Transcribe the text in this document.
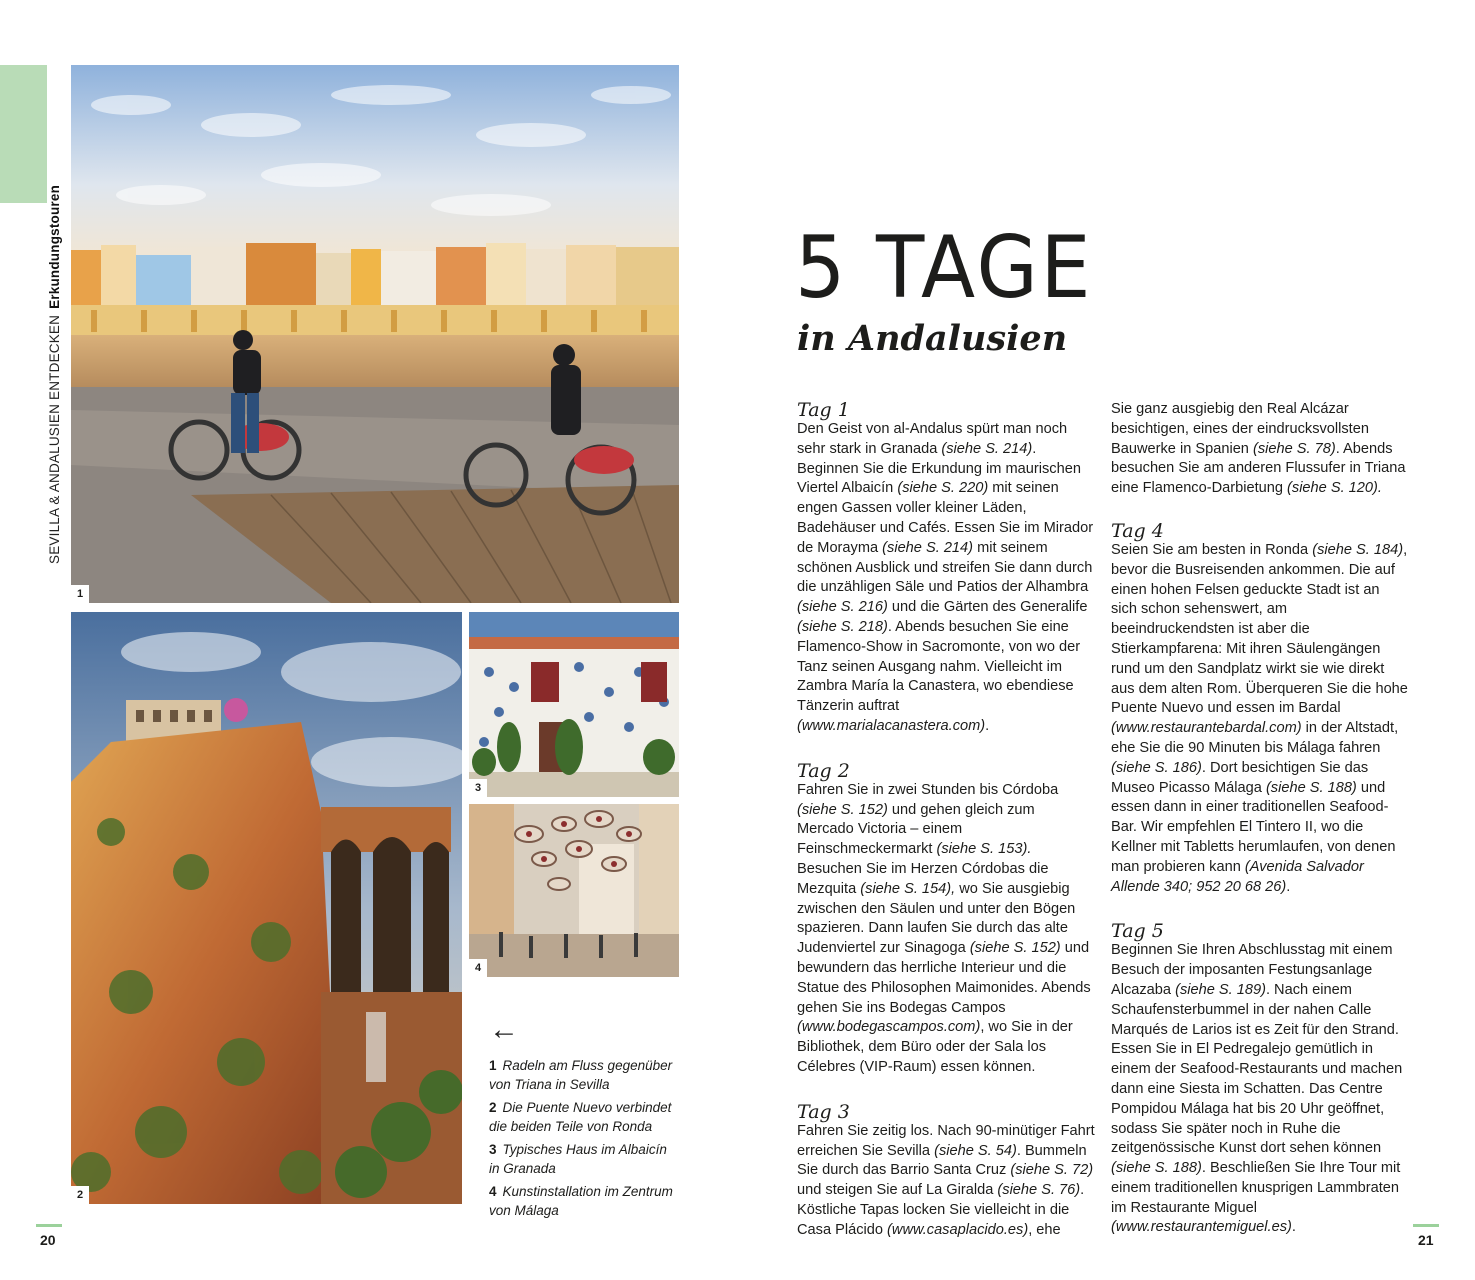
SEVILLA & ANDALUSIEN ENTDECKENErkundungstouren
1
2
3
4
←
1 Radeln am Fluss gegenüber von Triana in Sevilla
2 Die Puente Nuevo verbindet die beiden Teile von Ronda
3 Typisches Haus im Albaicín in Granada
4 Kunstinstallation im Zentrum von Málaga
5 TAGE
in Andalusien
Tag 1

Den Geist von al-Andalus spürt man noch sehr stark in Granada (siehe S. 214). Beginnen Sie die Erkundung im maurischen Viertel Albaicín (siehe S. 220) mit seinen engen Gassen voller kleiner Läden, Badehäuser und Cafés. Essen Sie im Mirador de Morayma (siehe S. 214) mit seinem schönen Ausblick und streifen Sie dann durch die unzähligen Säle und Patios der Alhambra (siehe S. 216) und die Gärten des Generalife (siehe S. 218). Abends besuchen Sie eine Flamenco-Show in Sacromonte, von wo der Tanz seinen Ausgang nahm. Vielleicht im Zambra María la Canastera, wo ebendiese Tänzerin auftrat (www.marialacanastera.com).

Tag 2

Fahren Sie in zwei Stunden bis Córdoba (siehe S. 152) und gehen gleich zum Mercado Victoria – einem Feinschmeckermarkt (siehe S. 153). Besuchen Sie im Herzen Córdobas die Mezquita (siehe S. 154), wo Sie ausgiebig zwischen den Säulen und unter den Bögen spazieren. Dann laufen Sie durch das alte Judenviertel zur Sinagoga (siehe S. 152) und bewundern das herrliche Interieur und die Statue des Philosophen Maimonides. Abends gehen Sie ins Bodegas Campos (www.bodegascampos.com), wo Sie in der Bibliothek, dem Büro oder der Sala los Célebres (VIP-Raum) essen können.

Tag 3

Fahren Sie zeitig los. Nach 90-minütiger Fahrt erreichen Sie Sevilla (siehe S. 54). Bummeln Sie durch das Barrio Santa Cruz (siehe S. 72) und steigen Sie auf La Giralda (siehe S. 76). Köstliche Tapas locken Sie vielleicht in die Casa Plácido (www.casaplacido.es), ehe

Sie ganz ausgiebig den Real Alcázar besichtigen, eines der eindrucksvollsten Bauwerke in Spanien (siehe S. 78). Abends besuchen Sie am anderen Flussufer in Triana eine Flamenco-Darbietung (siehe S. 120).

Tag 4

Seien Sie am besten in Ronda (siehe S. 184), bevor die Busreisenden ankommen. Die auf einen hohen Felsen geduckte Stadt ist an sich schon sehenswert, am beeindruckendsten ist aber die Stierkampfarena: Mit ihren Säulengängen rund um den Sandplatz wirkt sie wie direkt aus dem alten Rom. Überqueren Sie die hohe Puente Nuevo und essen im Bardal (www.restaurantebardal.com) in der Altstadt, ehe Sie die 90 Minuten bis Málaga fahren (siehe S. 186). Dort besichtigen Sie das Museo Picasso Málaga (siehe S. 188) und essen dann in einer traditionellen Seafood-Bar. Wir empfehlen El Tintero II, wo die Kellner mit Tabletts herumlaufen, von denen man probieren kann (Avenida Salvador Allende 340; 952 20 68 26).

Tag 5

Beginnen Sie Ihren Abschlusstag mit einem Besuch der imposanten Festungsanlage Alcazaba (siehe S. 189). Nach einem Schaufensterbummel in der nahen Calle Marqués de Larios ist es Zeit für den Strand. Essen Sie in El Pedregalejo gemütlich in einem der Seafood-Restaurants und machen dann eine Siesta im Schatten. Das Centre Pompidou Málaga hat bis 20 Uhr geöffnet, sodass Sie später noch in Ruhe die zeitgenössische Kunst dort sehen können (siehe S. 188). Beschließen Sie Ihre Tour mit einem traditionellen knusprigen Lammbraten im Restaurante Miguel (www.restaurantemiguel.es).

20	21
